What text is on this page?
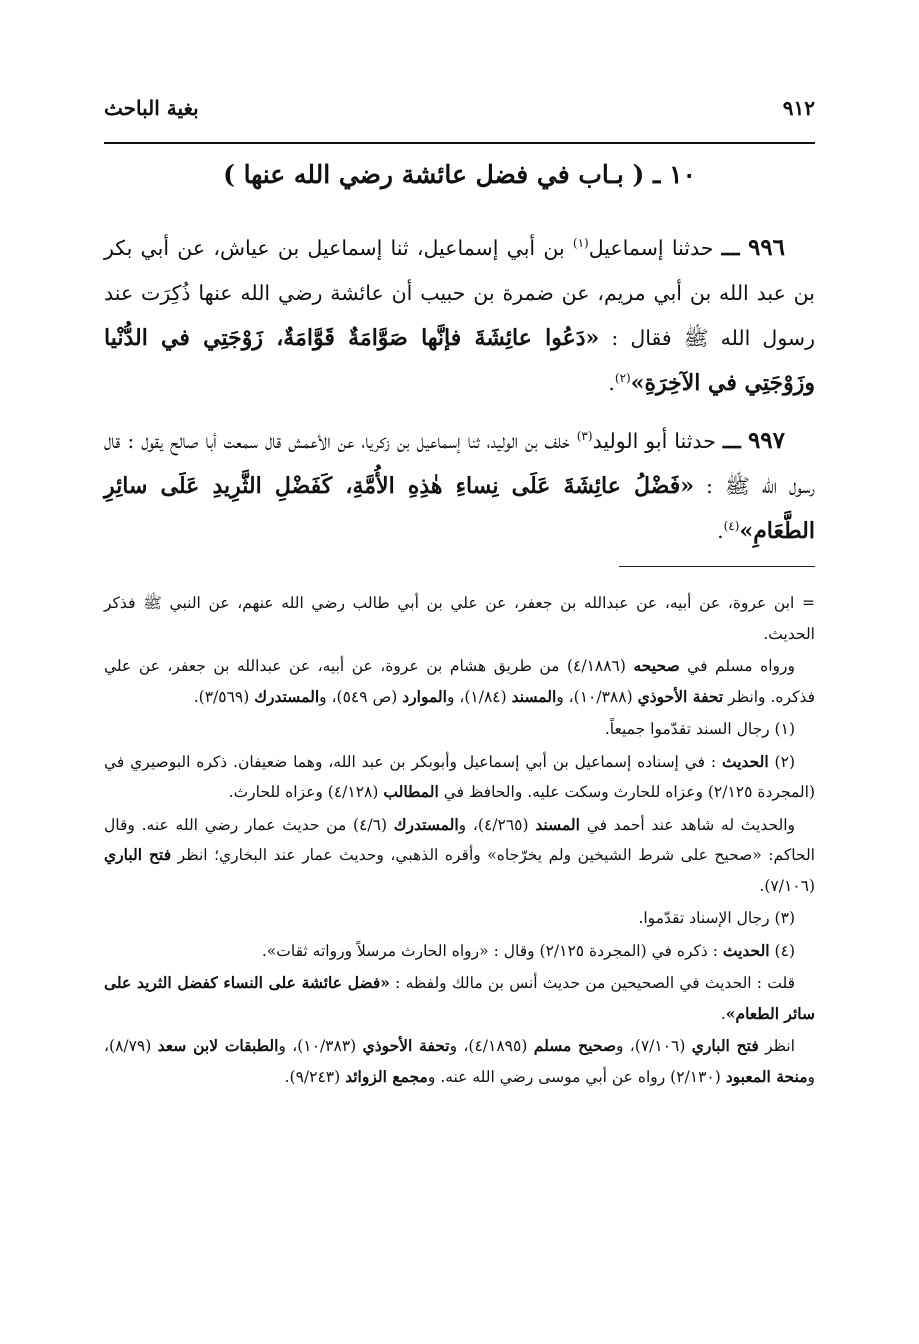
٩١٢
بغية الباحث
١٠ ـ ( بـاب في فضل عائشة رضي الله عنها )

٩٩٦ ـــ حدثنا إسماعيل$^{(١)}$ بن أبي إسماعيل، ثنا إسماعيل بن عياش، عن أبي بكر بن عبد الله بن أبي مريم، عن ضمرة بن حبيب أن عائشة رضي الله عنها ذُكِرَت عند رسول الله ﷺ فقال : «دَعُوا عائِشَةَ فإنَّها صَوَّامَةٌ قَوَّامَةٌ، زَوْجَتِي في الدُّنْيا وزَوْجَتِي في الآخِرَةِ»$^{(٢)}$.

٩٩٧ ـــ حدثنا أبو الوليد$^{(٣)}$ خلف بن الوليد، ثنا إسماعيل بن زكريا، عن الأعمش قال سمعت أبا صالح يقول : قال رسول الله ﷺ : «فَضْلُ عائِشَةَ عَلَى نِساءِ هٰذِهِ الأُمَّةِ، كَفَضْلِ الثَّرِيدِ عَلَى سائِرِ الطَّعَامِ»$^{(٤)}$.

= ابن عروة، عن أبيه، عن عبدالله بن جعفر، عن علي بن أبي طالب رضي الله عنهم، عن النبي ﷺ فذكر الحديث.

ورواه مسلم في صحيحه (٤/١٨٨٦) من طريق هشام بن عروة، عن أبيه، عن عبدالله بن جعفر، عن علي فذكره. وانظر تحفة الأحوذي (١٠/٣٨٨)، والمسند (١/٨٤)، والموارد (ص ٥٤٩)، والمستدرك (٣/٥٦٩).

(١) رجال السند تقدّموا جميعاً.

(٢) الحديث : في إسناده إسماعيل بن أبي إسماعيل وأبوبكر بن عبد الله، وهما ضعيفان. ذكره البوصيري في (المجردة ٢/١٢٥) وعزاه للحارث وسكت عليه. والحافظ في المطالب (٤/١٢٨) وعزاه للحارث.

والحديث له شاهد عند أحمد في المسند (٤/٢٦٥)، والمستدرك (٤/٦) من حديث عمار رضي الله عنه. وقال الحاكم: «صحيح على شرط الشيخين ولم يخرّجاه» وأقره الذهبي، وحديث عمار عند البخاري؛ انظر فتح الباري (٧/١٠٦).

(٣) رجال الإسناد تقدّموا.

(٤) الحديث : ذكره في (المجردة ٢/١٢٥) وقال : «رواه الحارث مرسلاً ورواته ثقات».

قلت : الحديث في الصحيحين من حديث أنس بن مالك ولفظه : «فضل عائشة على النساء كفضل الثريد على سائر الطعام».

انظر فتح الباري (٧/١٠٦)، وصحيح مسلم (٤/١٨٩٥)، وتحفة الأحوذي (١٠/٣٨٣)، والطبقات لابن سعد (٨/٧٩)، ومنحة المعبود (٢/١٣٠) رواه عن أبي موسى رضي الله عنه. ومجمع الزوائد (٩/٢٤٣).
